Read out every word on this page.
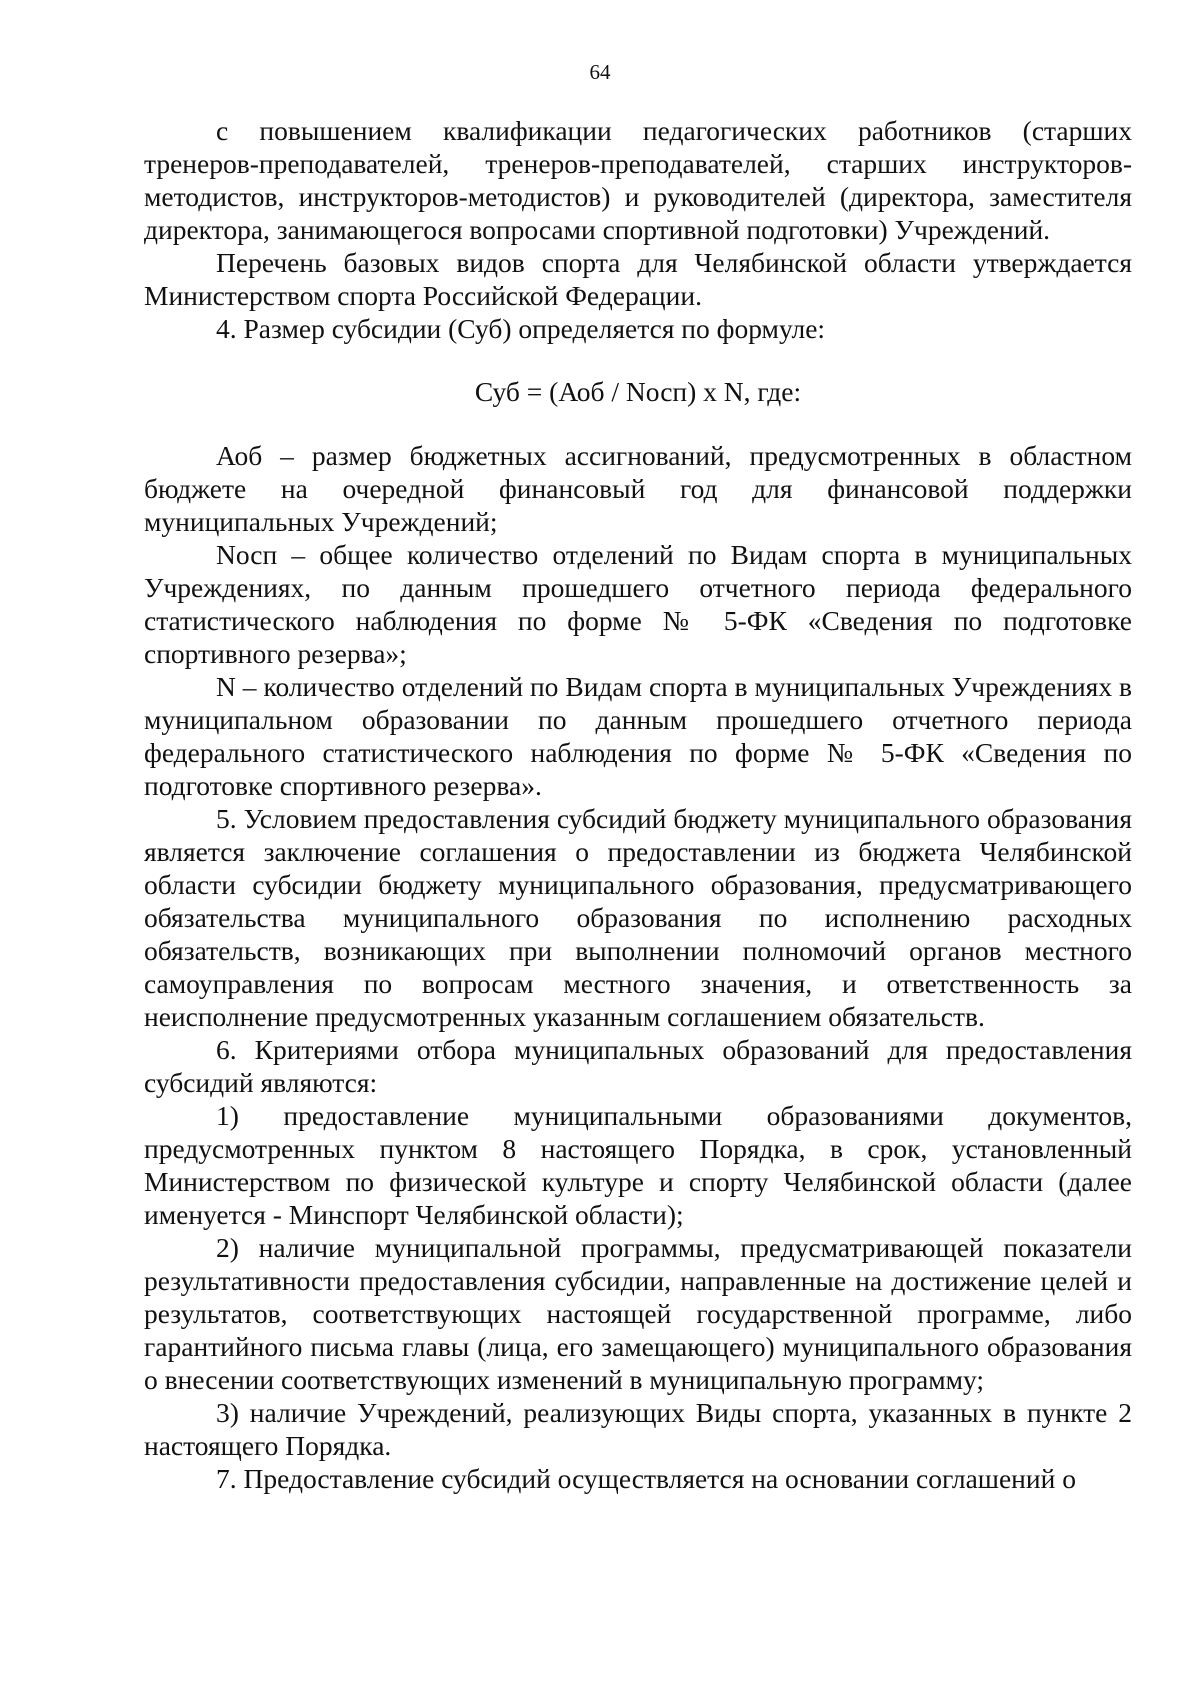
64

с повышением квалификации педагогических работников (старших тренеров-преподавателей, тренеров-преподавателей, старших инструкторов-методистов, инструкторов-методистов) и руководителей (директора, заместителя директора, занимающегося вопросами спортивной подготовки) Учреждений.

Перечень базовых видов спорта для Челябинской области утверждается Министерством спорта Российской Федерации.

4. Размер субсидии (Суб) определяется по формуле:

Суб = (Аоб / Nосп) x N, где:

Аоб – размер бюджетных ассигнований, предусмотренных в областном бюджете на очередной финансовый год для финансовой поддержки муниципальных Учреждений;

Nосп – общее количество отделений по Видам спорта в муниципальных Учреждениях, по данным прошедшего отчетного периода федерального статистического наблюдения по форме № 5-ФК «Сведения по подготовке спортивного резерва»;

N – количество отделений по Видам спорта в муниципальных Учреждениях в муниципальном образовании по данным прошедшего отчетного периода федерального статистического наблюдения по форме № 5-ФК «Сведения по подготовке спортивного резерва».

5. Условием предоставления субсидий бюджету муниципального образования является заключение соглашения о предоставлении из бюджета Челябинской области субсидии бюджету муниципального образования, предусматривающего обязательства муниципального образования по исполнению расходных обязательств, возникающих при выполнении полномочий органов местного самоуправления по вопросам местного значения, и ответственность за неисполнение предусмотренных указанным соглашением обязательств.

6. Критериями отбора муниципальных образований для предоставления субсидий являются:

1) предоставление муниципальными образованиями документов, предусмотренных пунктом 8 настоящего Порядка, в срок, установленный Министерством по физической культуре и спорту Челябинской области (далее именуется - Минспорт Челябинской области);

2) наличие муниципальной программы, предусматривающей показатели результативности предоставления субсидии, направленные на достижение целей и результатов, соответствующих настоящей государственной программе, либо гарантийного письма главы (лица, его замещающего) муниципального образования о внесении соответствующих изменений в муниципальную программу;

3) наличие Учреждений, реализующих Виды спорта, указанных в пункте 2 настоящего Порядка.

7. Предоставление субсидий осуществляется на основании соглашений о
